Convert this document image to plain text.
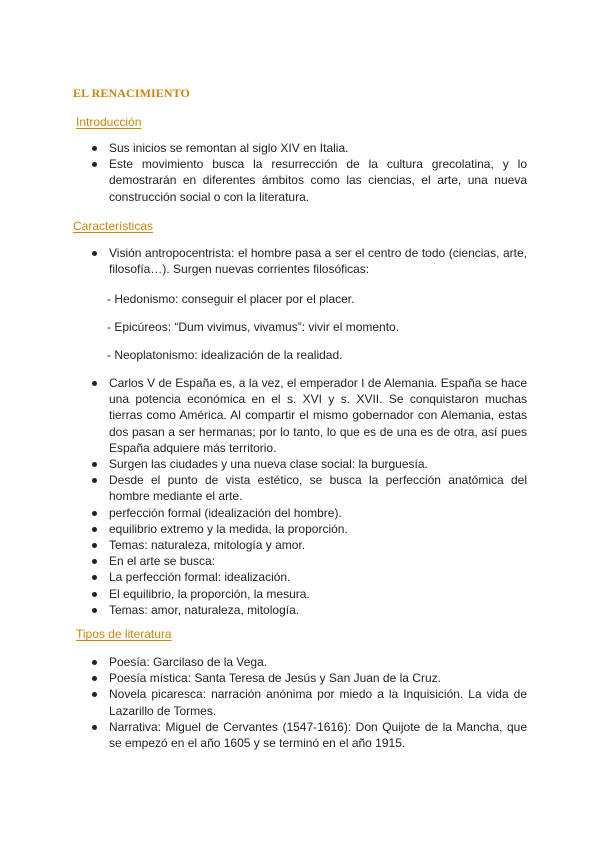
EL RENACIMIENTO
Introducción
Sus inicios se remontan al siglo XIV en Italia.
Este movimiento busca la resurrección de la cultura grecolatina, y lo demostrarán en diferentes ámbitos como las ciencias, el arte, una nueva construcción social o con la literatura.
Características
Visión antropocentrista: el hombre pasa a ser el centro de todo (ciencias, arte, filosofía…). Surgen nuevas corrientes filosóficas:
- Hedonismo: conseguir el placer por el placer.
- Epicúreos: “Dum vivimus, vivamus”: vivir el momento.
- Neoplatonismo: idealización de la realidad.
Carlos V de España es, a la vez, el emperador I de Alemania. España se hace una potencia económica en el s. XVI y s. XVII. Se conquistaron muchas tierras como América. Al compartir el mismo gobernador con Alemania, estas dos pasan a ser hermanas; por lo tanto, lo que es de una es de otra, así pues España adquiere más territorio.
Surgen las ciudades y una nueva clase social: la burguesía.
Desde el punto de vista estético, se busca la perfección anatómica del hombre mediante el arte.
perfección formal (idealización del hombre).
equilibrio extremo y la medida, la proporción.
Temas: naturaleza, mitología y amor.
En el arte se busca:
La perfección formal: idealización.
El equilibrio, la proporción, la mesura.
Temas: amor, naturaleza, mitología.
Tipos de literatura
Poesía: Garcilaso de la Vega.
Poesía mística: Santa Teresa de Jesús y San Juan de la Cruz.
Novela picaresca: narración anónima por miedo a la Inquisición. La vida de Lazarillo de Tormes.
Narrativa: Miguel de Cervantes (1547-1616): Don Quijote de la Mancha, que se empezó en el año 1605 y se terminó en el año 1915.
